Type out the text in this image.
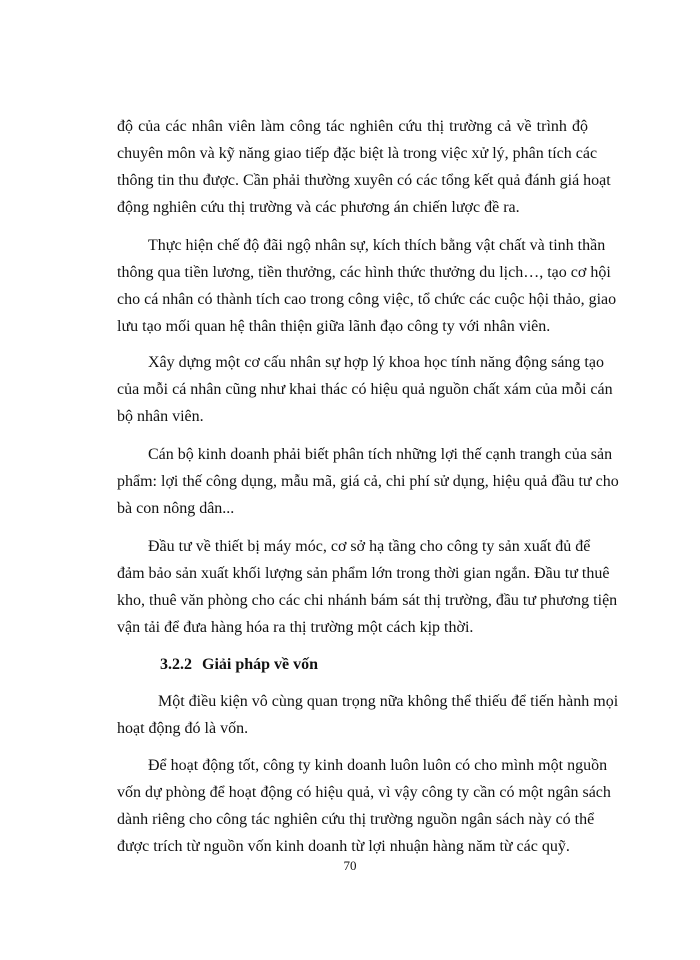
độ của các nhân viên làm công tác nghiên cứu thị trường cả về trình độ
chuyên môn và kỹ năng giao tiếp đặc biệt là trong việc xử lý, phân tích các
thông tin thu được. Cần phải thường xuyên có các tổng kết quả đánh giá hoạt
động nghiên cứu thị trường và các phương án chiến lược đề ra.
Thực hiện chế độ đãi ngộ nhân sự, kích thích bằng vật chất và tinh thần
thông qua tiền lương, tiền thưởng, các hình thức thưởng du lịch…, tạo cơ hội
cho cá nhân có thành tích cao trong công việc, tổ chức các cuộc hội thảo, giao
lưu tạo mối quan hệ thân thiện giữa lãnh đạo công ty với nhân viên.
Xây dựng một cơ cấu nhân sự hợp lý khoa học tính năng động sáng tạo
của mỗi cá nhân cũng như khai thác có hiệu quả nguồn chất xám của mỗi cán
bộ nhân viên.
Cán bộ kinh doanh phải biết phân tích những lợi thế cạnh trangh của sản
phẩm: lợi thế công dụng, mẫu mã, giá cả, chi phí sử dụng, hiệu quả đầu tư cho
bà con nông dân...
Đầu tư về thiết bị máy móc, cơ sở hạ tầng cho công ty sản xuất đủ để
đảm bảo sản xuất khối lượng sản phẩm lớn trong thời gian ngắn. Đầu tư thuê
kho, thuê văn phòng cho các chi nhánh bám sát thị trường, đầu tư phương tiện
vận tải để đưa hàng hóa ra thị trường một cách kịp thời.
3.2.2 Giải pháp về vốn
Một điều kiện vô cùng quan trọng nữa không thể thiếu để tiến hành mọi
hoạt động đó là vốn.
Để hoạt động tốt, công ty kinh doanh luôn luôn có cho mình một nguồn
vốn dự phòng để hoạt động có hiệu quả, vì vậy công ty cần có một ngân sách
dành riêng cho công tác nghiên cứu thị trường nguồn ngân sách này có thể
được trích từ nguồn vốn kinh doanh từ lợi nhuận hàng năm từ các quỹ.
70
